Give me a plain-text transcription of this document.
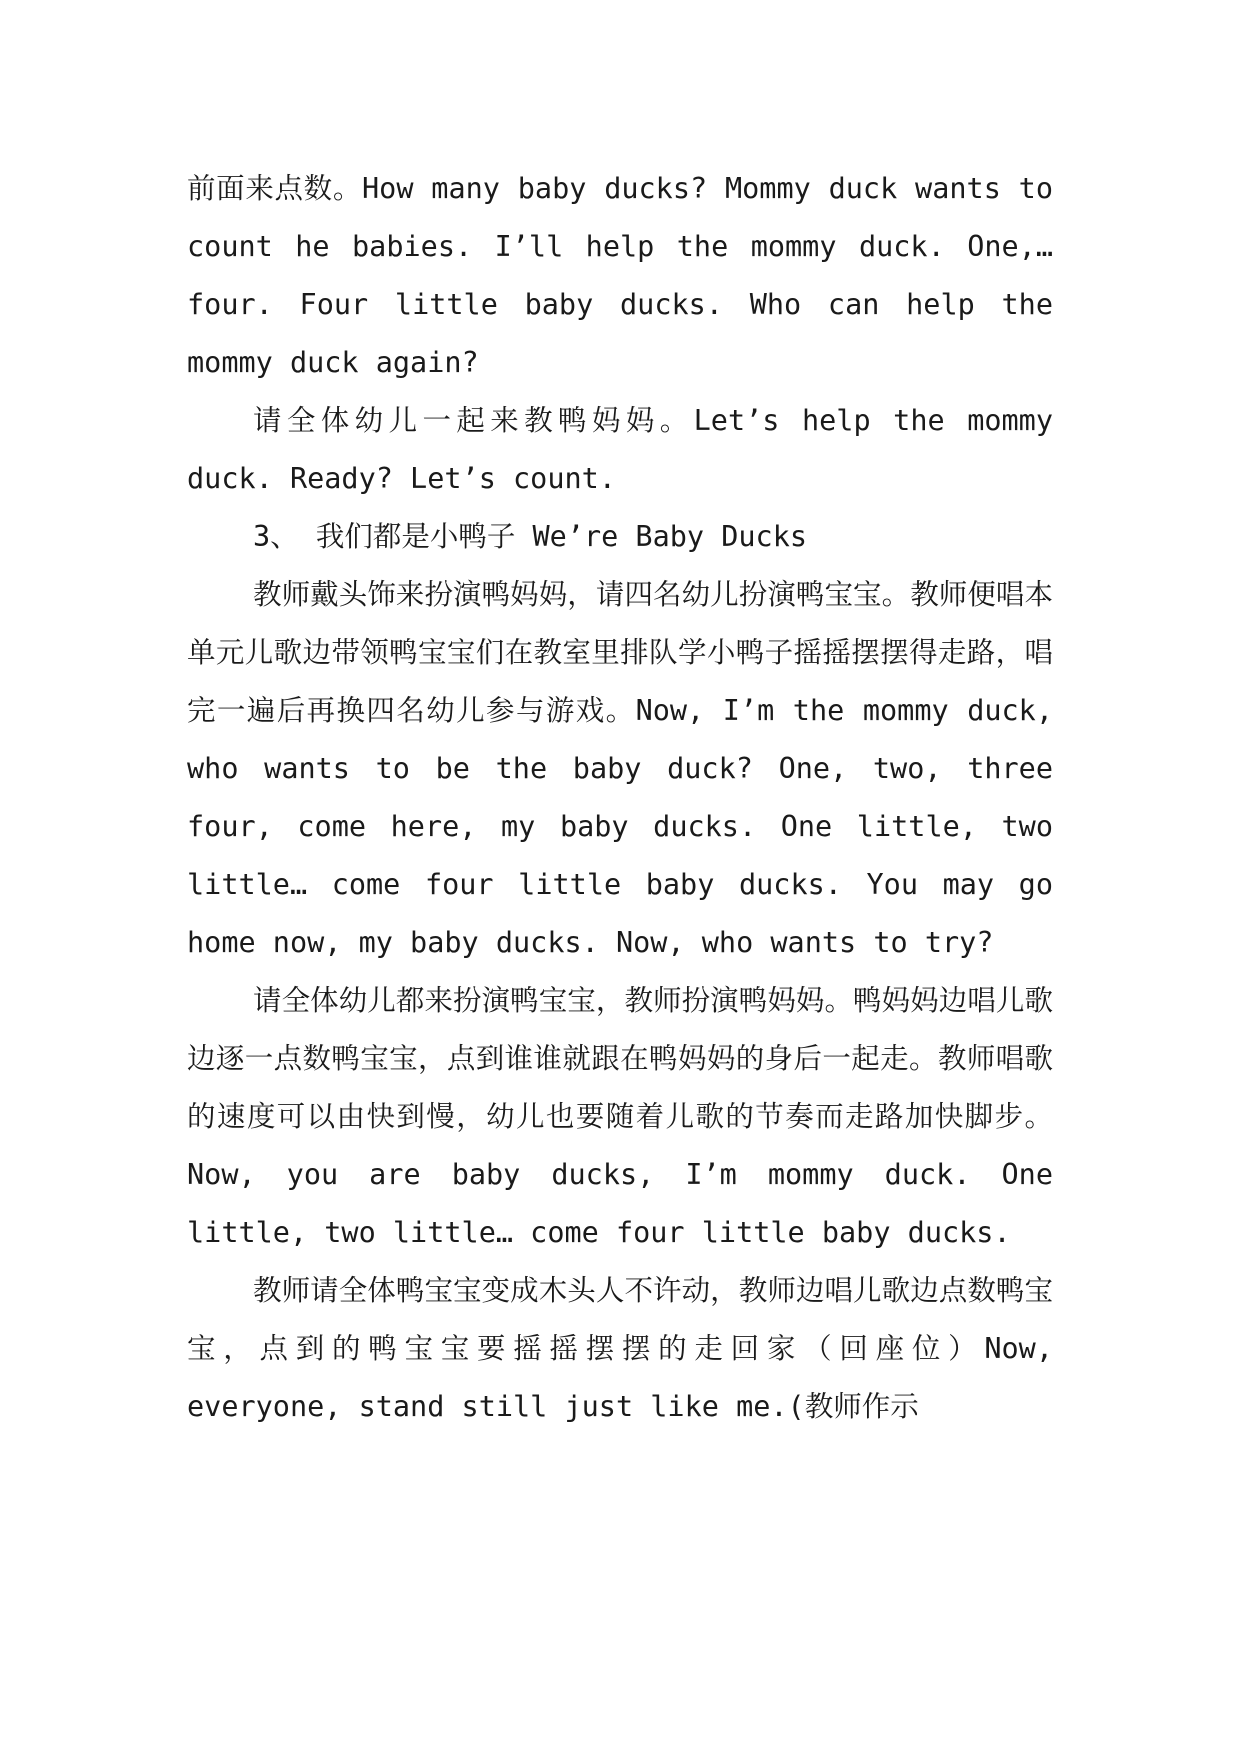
前面来点数。How many baby ducks? Mommy duck wants to count he babies. I’ll help the mommy duck. One,… four. Four little baby ducks. Who can help the mommy duck again?

请全体幼儿一起来教鸭妈妈。Let’s help the mommy duck. Ready? Let’s count.

3、 我们都是小鸭子 We’re Baby Ducks

教师戴头饰来扮演鸭妈妈，请四名幼儿扮演鸭宝宝。教师便唱本单元儿歌边带领鸭宝宝们在教室里排队学小鸭子摇摇摆摆得走路，唱完一遍后再换四名幼儿参与游戏。Now, I’m the mommy duck, who wants to be the baby duck? One, two, three four, come here, my baby ducks. One little, two little… come four little baby ducks. You may go home now, my baby ducks. Now, who wants to try?

请全体幼儿都来扮演鸭宝宝，教师扮演鸭妈妈。鸭妈妈边唱儿歌边逐一点数鸭宝宝，点到谁谁就跟在鸭妈妈的身后一起走。教师唱歌的速度可以由快到慢，幼儿也要随着儿歌的节奏而走路加快脚步。Now, you are baby ducks, I’m mommy duck. One little, two little… come four little baby ducks.

教师请全体鸭宝宝变成木头人不许动，教师边唱儿歌边点数鸭宝宝，点到的鸭宝宝要摇摇摆摆的走回家（回座位）Now, everyone, stand still just like me.(教师作示
